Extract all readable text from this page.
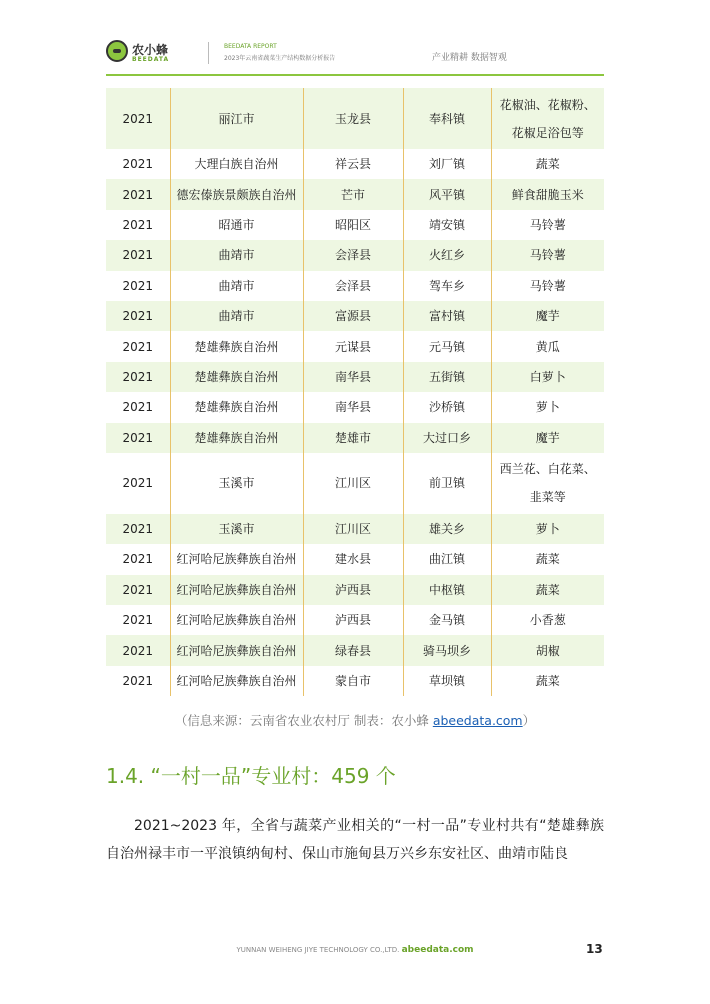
农小蜂
BEEDATA
BEEDATA REPORT
2023年云南省蔬菜生产结构数据分析报告	产业精耕 数据智观
2021	丽江市	玉龙县	奉科镇	花椒油、花椒粉、
花椒足浴包等

2021	大理白族自治州	祥云县	刘厂镇	蔬菜

2021	德宏傣族景颇族自治州	芒市	风平镇	鲜食甜脆玉米

2021	昭通市	昭阳区	靖安镇	马铃薯

2021	曲靖市	会泽县	火红乡	马铃薯

2021	曲靖市	会泽县	驾车乡	马铃薯

2021	曲靖市	富源县	富村镇	魔芋

2021	楚雄彝族自治州	元谋县	元马镇	黄瓜

2021	楚雄彝族自治州	南华县	五街镇	白萝卜

2021	楚雄彝族自治州	南华县	沙桥镇	萝卜

2021	楚雄彝族自治州	楚雄市	大过口乡	魔芋

2021	玉溪市	江川区	前卫镇	西兰花、白花菜、
韭菜等

2021	玉溪市	江川区	雄关乡	萝卜

2021	红河哈尼族彝族自治州	建水县	曲江镇	蔬菜

2021	红河哈尼族彝族自治州	泸西县	中枢镇	蔬菜

2021	红河哈尼族彝族自治州	泸西县	金马镇	小香葱

2021	红河哈尼族彝族自治州	绿春县	骑马坝乡	胡椒

2021	红河哈尼族彝族自治州	蒙自市	草坝镇	蔬菜
（信息来源：云南省农业农村厅 制表：农小蜂 abeedata.com）
1.4. “一村一品”专业村：459 个
2021~2023 年，全省与蔬菜产业相关的“一村一品”专业村共有“楚雄彝族自治州禄丰市一平浪镇纳甸村、保山市施甸县万兴乡东安社区、曲靖市陆良
YUNNAN WEIHENG JIYE TECHNOLOGY CO.,LTD. abeedata.com	13
